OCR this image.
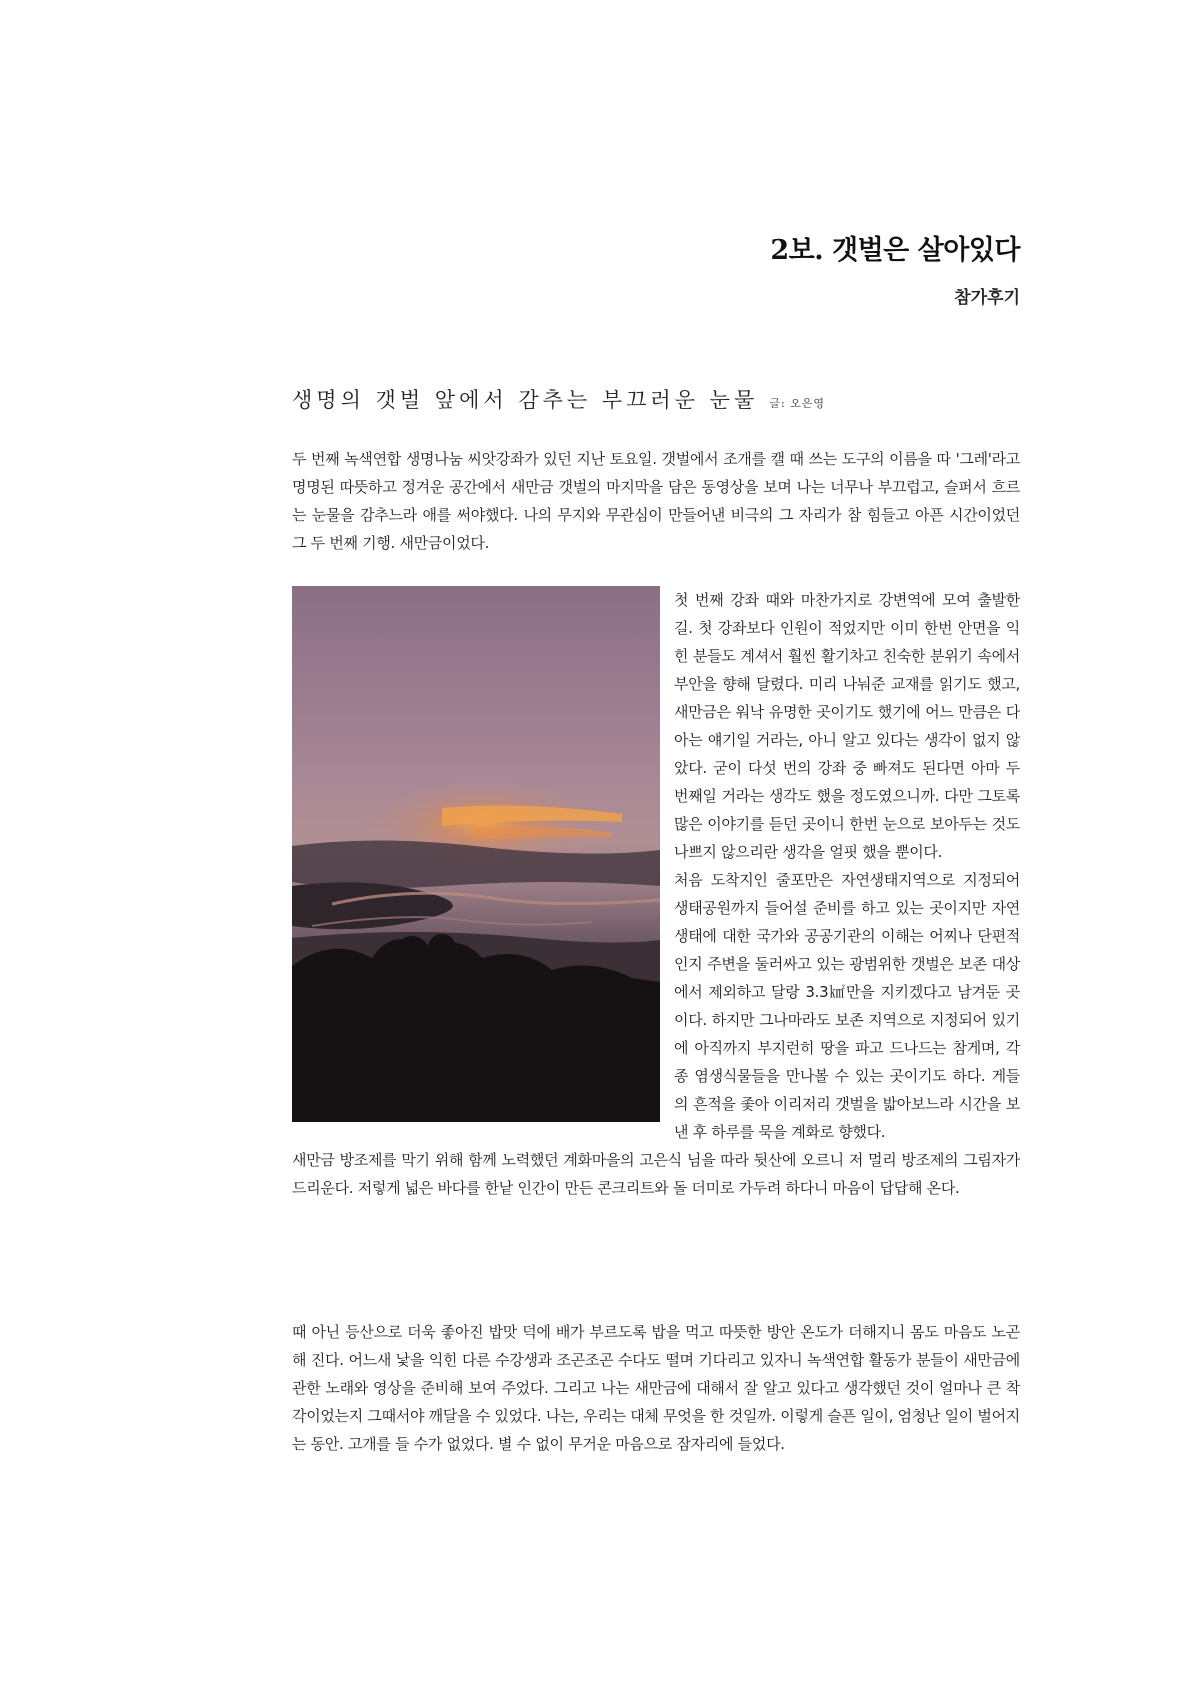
2보. 갯벌은 살아있다
참가후기
생명의 갯벌 앞에서 감추는 부끄러운 눈물 글: 오은영

두 번째 녹색연합 생명나눔 씨앗강좌가 있던 지난 토요일. 갯벌에서 조개를 캘 때 쓰는 도구의 이름을 따 '그레'라고 명명된 따뜻하고 정겨운 공간에서 새만금 갯벌의 마지막을 담은 동영상을 보며 나는 너무나 부끄럽고, 슬퍼서 흐르는 눈물을 감추느라 애를 써야했다. 나의 무지와 무관심이 만들어낸 비극의 그 자리가 참 힘들고 아픈 시간이었던 그 두 번째 기행. 새만금이었다.

첫 번째 강좌 때와 마찬가지로 강변역에 모여 출발한 길. 첫 강좌보다 인원이 적었지만 이미 한번 안면을 익힌 분들도 계셔서 훨씬 활기차고 친숙한 분위기 속에서 부안을 향해 달렸다. 미리 나눠준 교재를 읽기도 했고, 새만금은 워낙 유명한 곳이기도 했기에 어느 만큼은 다 아는 얘기일 거라는, 아니 알고 있다는 생각이 없지 않았다. 굳이 다섯 번의 강좌 중 빠져도 된다면 아마 두 번째일 거라는 생각도 했을 정도였으니까. 다만 그토록 많은 이야기를 듣던 곳이니 한번 눈으로 보아두는 것도 나쁘지 않으리란 생각을 얼핏 했을 뿐이다.

처음 도착지인 줄포만은 자연생태지역으로 지정되어 생태공원까지 들어설 준비를 하고 있는 곳이지만 자연생태에 대한 국가와 공공기관의 이해는 어찌나 단편적인지 주변을 둘러싸고 있는 광범위한 갯벌은 보존 대상에서 제외하고 달랑 3.3㎢만을 지키겠다고 남겨둔 곳이다. 하지만 그나마라도 보존 지역으로 지정되어 있기에 아직까지 부지런히 땅을 파고 드나드는 참게며, 각종 염생식물들을 만나볼 수 있는 곳이기도 하다. 게들의 흔적을 좇아 이리저리 갯벌을 밟아보느라 시간을 보낸 후 하루를 묵을 계화로 향했다.

새만금 방조제를 막기 위해 함께 노력했던 계화마을의 고은식 님을 따라 뒷산에 오르니 저 멀리 방조제의 그림자가 드리운다. 저렇게 넓은 바다를 한낱 인간이 만든 콘크리트와 돌 더미로 가두려 하다니 마음이 답답해 온다.

때 아닌 등산으로 더욱 좋아진 밥맛 덕에 배가 부르도록 밥을 먹고 따뜻한 방안 온도가 더해지니 몸도 마음도 노곤해 진다. 어느새 낯을 익힌 다른 수강생과 조곤조곤 수다도 떨며 기다리고 있자니 녹색연합 활동가 분들이 새만금에 관한 노래와 영상을 준비해 보여 주었다. 그리고 나는 새만금에 대해서 잘 알고 있다고 생각했던 것이 얼마나 큰 착각이었는지 그때서야 깨달을 수 있었다. 나는, 우리는 대체 무엇을 한 것일까. 이렇게 슬픈 일이, 엄청난 일이 벌어지는 동안. 고개를 들 수가 없었다. 별 수 없이 무거운 마음으로 잠자리에 들었다.
